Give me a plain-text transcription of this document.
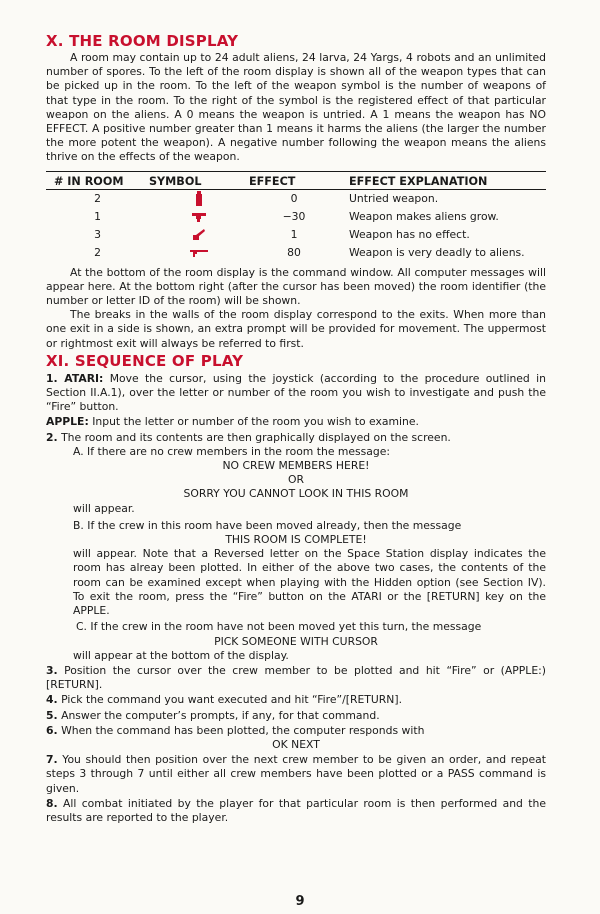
X. THE ROOM DISPLAY

A room may contain up to 24 adult aliens, 24 larva, 24 Yargs, 4 robots and an unlimited number of spores. To the left of the room display is shown all of the weapon types that can be picked up in the room. To the left of the weapon symbol is the number of weapons of that type in the room. To the right of the symbol is the registered effect of that particular weapon on the aliens. A 0 means the weapon is untried. A 1 means the weapon has NO EFFECT. A positive number greater than 1 means it harms the aliens (the larger the number the more potent the weapon). A negative number following the weapon means the aliens thrive on the effects of the weapon.

# IN ROOM	SYMBOL	EFFECT	EFFECT EXPLANATION
2		0	Untried weapon.
1		−30	Weapon makes aliens grow.
3		1	Weapon has no effect.
2		80	Weapon is very deadly to aliens.

At the bottom of the room display is the command window. All computer messages will appear here. At the bottom right (after the cursor has been moved) the room identifier (the number or letter ID of the room) will be shown.

The breaks in the walls of the room display correspond to the exits. When more than one exit in a side is shown, an extra prompt will be provided for movement. The uppermost or rightmost exit will always be referred to first.

XI. SEQUENCE OF PLAY

1. ATARI: Move the cursor, using the joystick (according to the procedure outlined in Section II.A.1), over the letter or number of the room you wish to investigate and push the “Fire” button.

APPLE: Input the letter or number of the room you wish to examine.

2. The room and its contents are then graphically displayed on the screen.

A. If there are no crew members in the room the message:

NO CREW MEMBERS HERE!

OR

SORRY YOU CANNOT LOOK IN THIS ROOM

will appear.

B. If the crew in this room have been moved already, then the message

THIS ROOM IS COMPLETE!

will appear. Note that a Reversed letter on the Space Station display indicates the room has alreay been plotted. In either of the above two cases, the contents of the room can be examined except when playing with the Hidden option (see Section IV). To exit the room, press the “Fire” button on the ATARI or the [RETURN] key on the APPLE.

C. If the crew in the room have not been moved yet this turn, the message

PICK SOMEONE WITH CURSOR

will appear at the bottom of the display.

3. Position the cursor over the crew member to be plotted and hit “Fire” or (APPLE:) [RETURN].

4. Pick the command you want executed and hit “Fire”/[RETURN].

5. Answer the computer’s prompts, if any, for that command.

6. When the command has been plotted, the computer responds with

OK NEXT

7. You should then position over the next crew member to be given an order, and repeat steps 3 through 7 until either all crew members have been plotted or a PASS command is given.

8. All combat initiated by the player for that particular room is then performed and the results are reported to the player.

9
